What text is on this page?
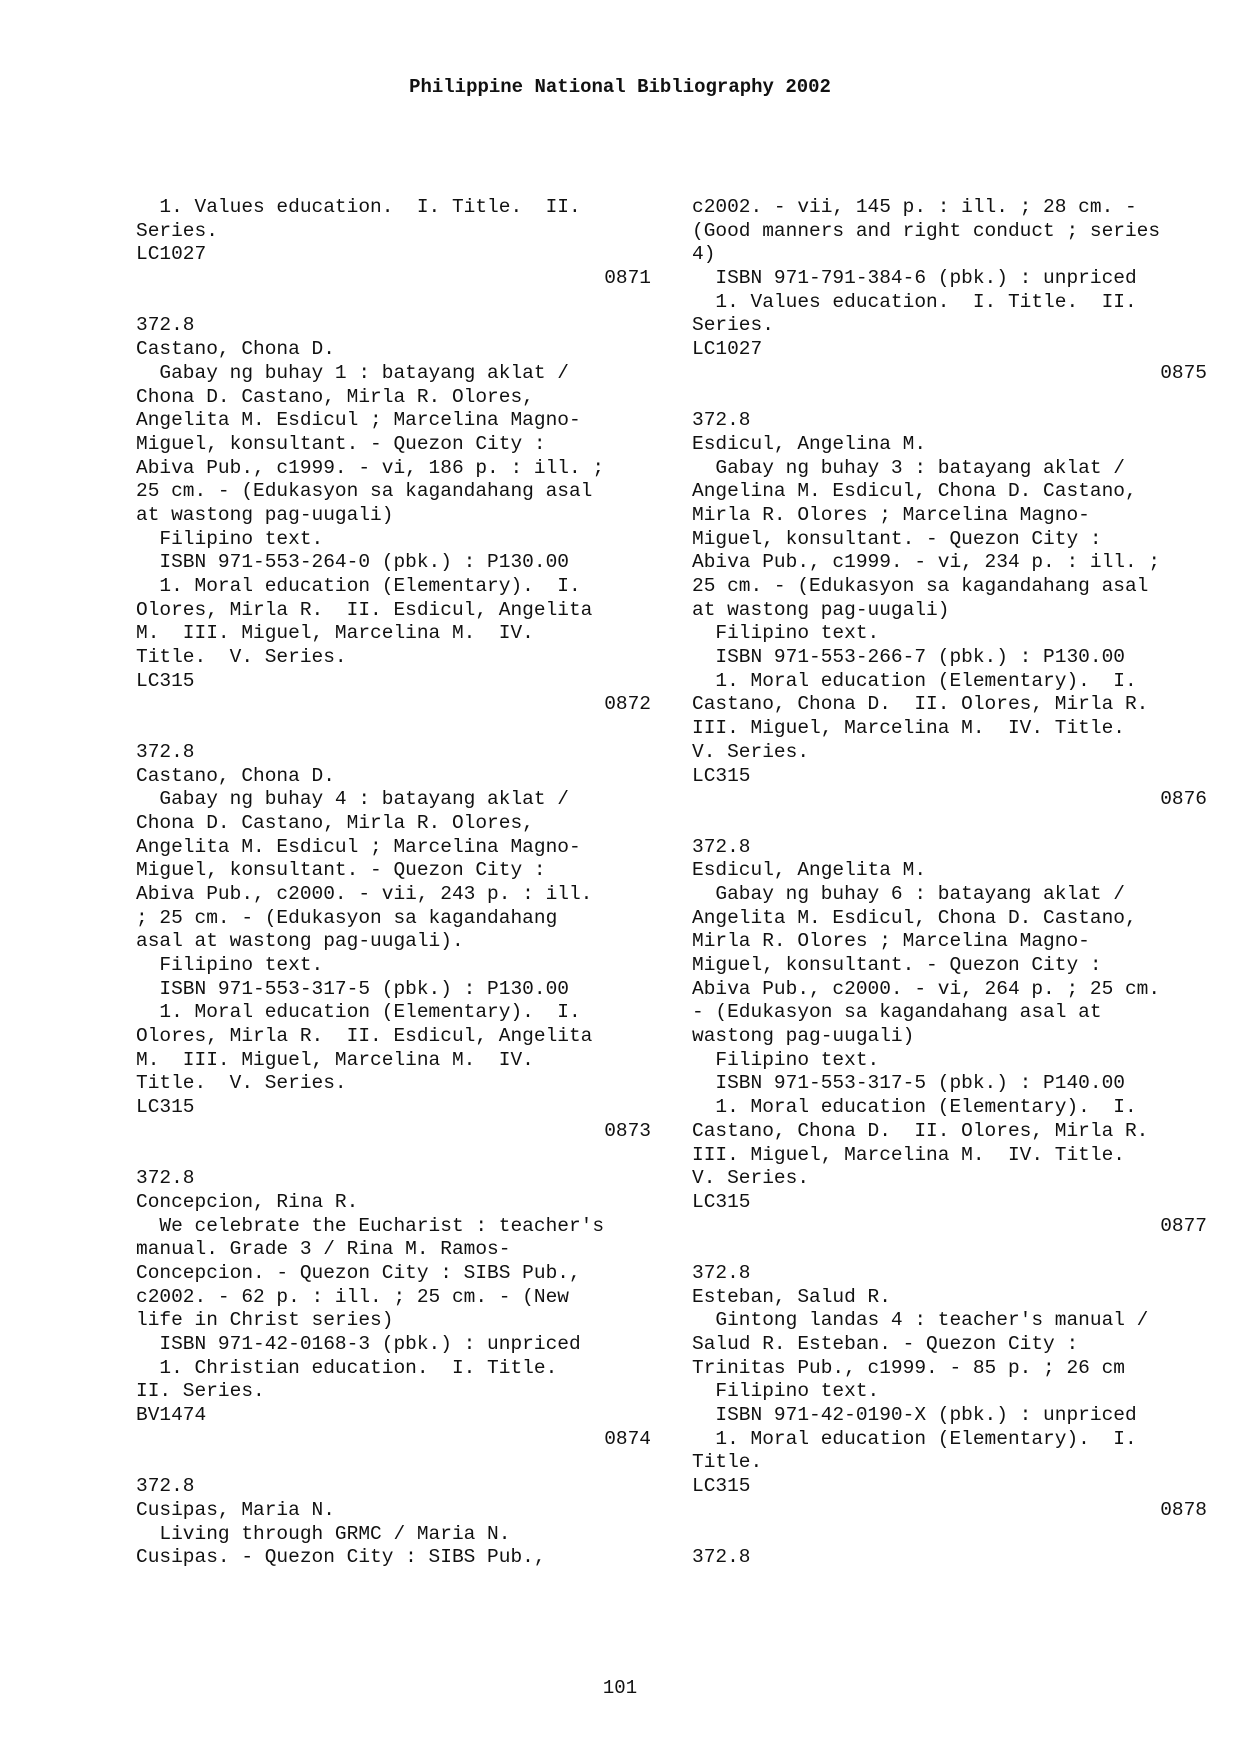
Philippine National Bibliography 2002
1. Values education.  I. Title.  II.
Series.
LC1027
0871
372.8
Castano, Chona D.
Gabay ng buhay 1 : batayang aklat /
Chona D. Castano, Mirla R. Olores,
Angelita M. Esdicul ; Marcelina Magno-
Miguel, konsultant. - Quezon City :
Abiva Pub., c1999. - vi, 186 p. : ill. ;
25 cm. - (Edukasyon sa kagandahang asal
at wastong pag-uugali)
Filipino text.
ISBN 971-553-264-0 (pbk.) : P130.00
1. Moral education (Elementary).  I.
Olores, Mirla R.  II. Esdicul, Angelita
M.  III. Miguel, Marcelina M.  IV.
Title.  V. Series.
LC315
0872
372.8
Castano, Chona D.
Gabay ng buhay 4 : batayang aklat /
Chona D. Castano, Mirla R. Olores,
Angelita M. Esdicul ; Marcelina Magno-
Miguel, konsultant. - Quezon City :
Abiva Pub., c2000. - vii, 243 p. : ill.
; 25 cm. - (Edukasyon sa kagandahang
asal at wastong pag-uugali).
Filipino text.
ISBN 971-553-317-5 (pbk.) : P130.00
1. Moral education (Elementary).  I.
Olores, Mirla R.  II. Esdicul, Angelita
M.  III. Miguel, Marcelina M.  IV.
Title.  V. Series.
LC315
0873
372.8
Concepcion, Rina R.
We celebrate the Eucharist : teacher's
manual. Grade 3 / Rina M. Ramos-
Concepcion. - Quezon City : SIBS Pub.,
c2002. - 62 p. : ill. ; 25 cm. - (New
life in Christ series)
ISBN 971-42-0168-3 (pbk.) : unpriced
1. Christian education.  I. Title.
II. Series.
BV1474
0874
372.8
Cusipas, Maria N.
Living through GRMC / Maria N.
Cusipas. - Quezon City : SIBS Pub.,
c2002. - vii, 145 p. : ill. ; 28 cm. -
(Good manners and right conduct ; series
4)
ISBN 971-791-384-6 (pbk.) : unpriced
1. Values education.  I. Title.  II.
Series.
LC1027
0875
372.8
Esdicul, Angelina M.
Gabay ng buhay 3 : batayang aklat /
Angelina M. Esdicul, Chona D. Castano,
Mirla R. Olores ; Marcelina Magno-
Miguel, konsultant. - Quezon City :
Abiva Pub., c1999. - vi, 234 p. : ill. ;
25 cm. - (Edukasyon sa kagandahang asal
at wastong pag-uugali)
Filipino text.
ISBN 971-553-266-7 (pbk.) : P130.00
1. Moral education (Elementary).  I.
Castano, Chona D.  II. Olores, Mirla R.
III. Miguel, Marcelina M.  IV. Title.
V. Series.
LC315
0876
372.8
Esdicul, Angelita M.
Gabay ng buhay 6 : batayang aklat /
Angelita M. Esdicul, Chona D. Castano,
Mirla R. Olores ; Marcelina Magno-
Miguel, konsultant. - Quezon City :
Abiva Pub., c2000. - vi, 264 p. ; 25 cm.
- (Edukasyon sa kagandahang asal at
wastong pag-uugali)
Filipino text.
ISBN 971-553-317-5 (pbk.) : P140.00
1. Moral education (Elementary).  I.
Castano, Chona D.  II. Olores, Mirla R.
III. Miguel, Marcelina M.  IV. Title.
V. Series.
LC315
0877
372.8
Esteban, Salud R.
Gintong landas 4 : teacher's manual /
Salud R. Esteban. - Quezon City :
Trinitas Pub., c1999. - 85 p. ; 26 cm
Filipino text.
ISBN 971-42-0190-X (pbk.) : unpriced
1. Moral education (Elementary).  I.
Title.
LC315
0878
372.8
101
